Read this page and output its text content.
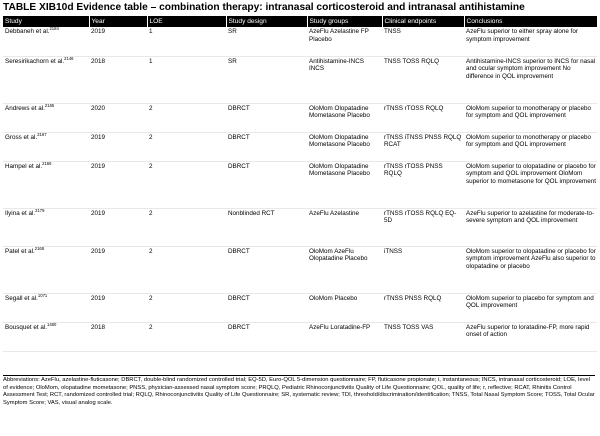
TABLE XIB10d Evidence table – combination therapy: intranasal corticosteroid and intranasal antihistamine
Study	Year	LOE	Study design	Study groups	Clinical endpoints	Conclusions
Debbaneh et al.$^{2184}$	2019	1	SR	AzeFlu Azelastine FP Placebo	TNSS	AzeFlu superior to either spray alone for symptom improvement
Seresirikachorn et al.$^{2146}$	2018	1	SR	Antihistamine-INCS INCS	TNSS TOSS RQLQ	Antihistamine-INCS superior to INCS for nasal and ocular symptom improvement No difference in QOL improvement
Andrews et al.$^{2165}$	2020	2	DBRCT	OloMom Olopatadine Mometasone Placebo	rTNSS rTOSS RQLQ	OloMom superior to monotherapy or placebo for symptom and QOL improvement
Gross et al.$^{2167}$	2019	2	DBRCT	OloMom Olopatadine Mometasone Placebo	rTNSS iTNSS PNSS RQLQ RCAT	OloMom superior to monotherapy or placebo for symptom and QOL improvement
Hampel et al.$^{2166}$	2019	2	DBRCT	OloMom Olopatadine Mometasone Placebo	rTNSS rTOSS PNSS RQLQ	OloMom superior to olopatadine or placebo for symptom and QOL improvement OloMom superior to mometasone for QOL improvement
Ilyina et al.$^{2179}$	2019	2	Nonblinded RCT	AzeFlu Azelastine	rTNSS rTOSS RQLQ EQ-5D	AzeFlu superior to azelastine for moderate-to-severe symptom and QOL improvement
Patel et al.$^{2168}$	2019	2	DBRCT	OloMom AzeFlu Olopatadine Placebo	iTNSS	OloMom superior to olopatadine or placebo for symptom improvement AzeFlu also superior to olopatadine or placebo
Segall et al.$^{1071}$	2019	2	DBRCT	OloMom Placebo	rTNSS PNSS RQLQ	OloMom superior to placebo for symptom and QOL improvement
Bousquet et al.$^{1480}$	2018	2	DBRCT	AzeFlu Loratadine-FP	TNSS TOSS VAS	AzeFlu superior to loratadine-FP, more rapid onset of action
Abbreviations: AzeFlu, azelastine-fluticasone; DBRCT, double-blind randomized controlled trial; EQ-5D, Euro-QOL 5-dimension questionnaire; FP, fluticasone propionate; i, instantaneous; INCS, intranasal corticosteroid; LOE, level of evidence; OloMom, olopatadine mometasone; PNSS, physician-assessed nasal symptom score; PRQLQ, Pediatric Rhinoconjunctivitis Quality of Life Questionnaire; QOL, quality of life; r, reflective; RCAT, Rhinitis Control Assessment Test; RCT, randomized controlled trial; RQLQ, Rhinoconjunctivitis Quality of Life Questionnaire; SR, systematic review; TDI, threshold/discrimination/identification; TNSS, Total Nasal Symptom Score; TOSS, Total Ocular Symptom Score; VAS, visual analog scale.
